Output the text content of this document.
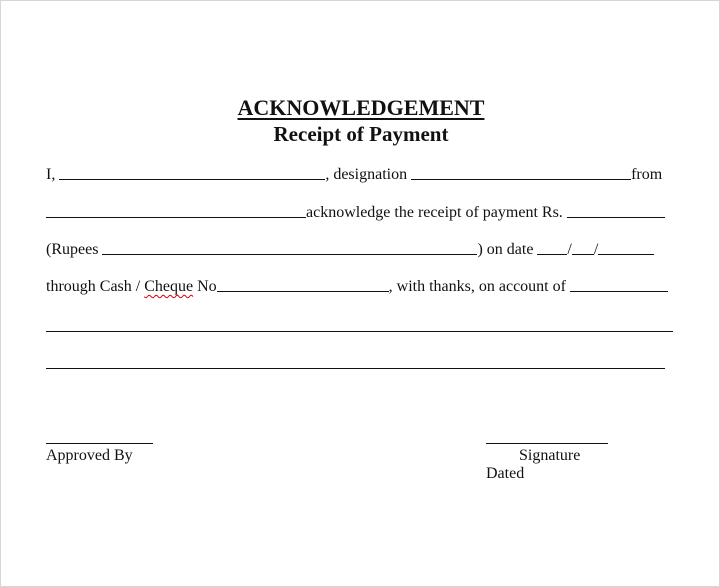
ACKNOWLEDGEMENT
Receipt of Payment
I,	, designation	from
acknowledge the receipt of payment Rs.
(Rupees	) on date / /
through Cash / Cheque No	, with thanks, on account of
Approved By	Signature
Dated
